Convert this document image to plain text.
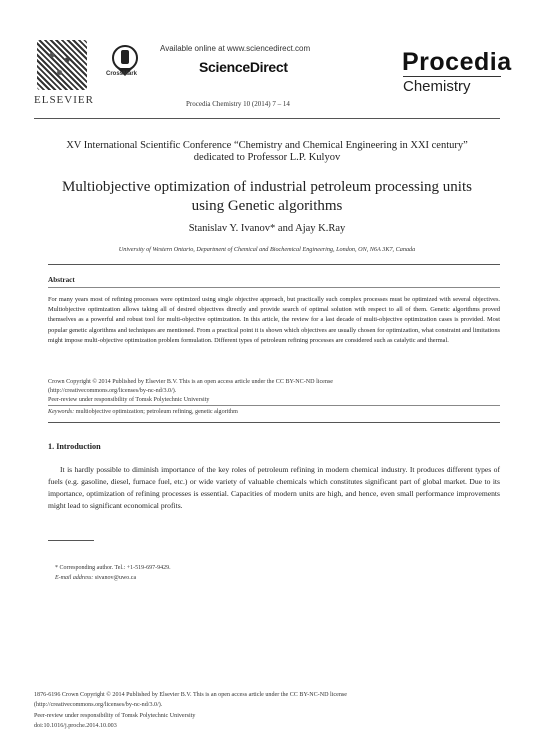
ELSEVIER
CrossMark
Available online at www.sciencedirect.com
ScienceDirect
Procedia Chemistry 10 (2014) 7 – 14
Procedia
Chemistry
XV International Scientific Conference “Chemistry and Chemical Engineering in XXI century”
dedicated to Professor L.P. Kulyov
Multiobjective optimization of industrial petroleum processing units
using Genetic algorithms
Stanislav Y. Ivanov* and Ajay K.Ray
University of Western Ontario, Department of Chemical and Biochemical Engineering, London, ON, N6A 3K7, Canada
Abstract
For many years most of refining processes were optimized using single objective approach, but practically such complex processes must be optimized with several objectives. Multiobjective optimization allows taking all of desired objectives directly and provide search of optimal solution with respect to all of them. Genetic algorithms proved themselves as a powerful and robust tool for multi-objective optimization. In this article, the review for a last decade of multi-objective optimization cases is provided. Most popular genetic algorithms and techniques are mentioned. From a practical point it is shown which objectives are usually chosen for optimization, what constraint and limitations might impose multi-objective optimization problem formulation. Different types of petroleum refining processes are considered such as catalytic and thermal.
Crown Copyright © 2014 Published by Elsevier B.V. This is an open access article under the CC BY-NC-ND license
(http://creativecommons.org/licenses/by-nc-nd/3.0/).
Peer-review under responsibility of Tomsk Polytechnic University
Keywords: multiobjective optimization; petroleum refining, genetic algorithm
1. Introduction
It is hardly possible to diminish importance of the key roles of petroleum refining in modern chemical industry. It produces different types of fuels (e.g. gasoline, diesel, furnace fuel, etc.) or wide variety of valuable chemicals which constitutes significant part of global market. Due to its importance, optimization of refining processes is essential. Capacities of modern units are high, and hence, even small performance improvements might lead to significant economical profits.
* Corresponding author. Tel.: +1-519-697-9429.
E-mail address: sivanov@uwo.ca
1876-6196 Crown Copyright © 2014 Published by Elsevier B.V. This is an open access article under the CC BY-NC-ND license
(http://creativecommons.org/licenses/by-nc-nd/3.0/).
Peer-review under responsibility of Tomsk Polytechnic University
doi:10.1016/j.proche.2014.10.003
